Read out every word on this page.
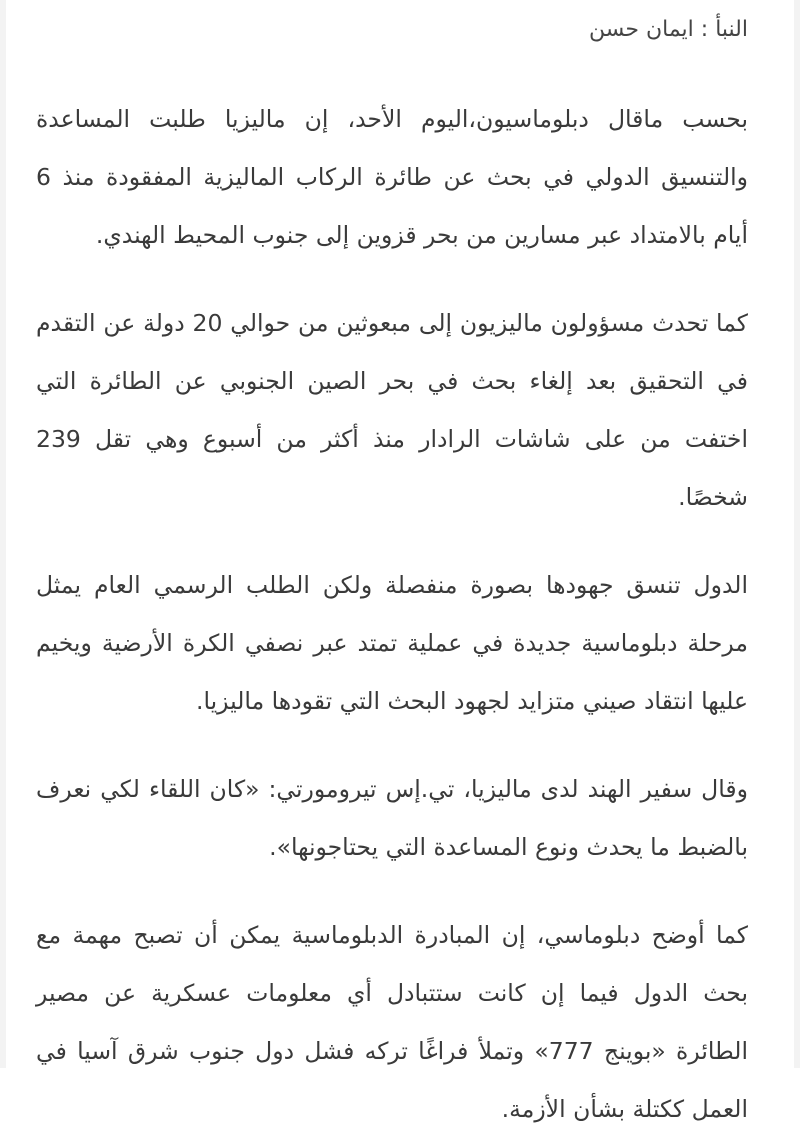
النبأ : ايمان حسن

بحسب ماقال دبلوماسيون،اليوم الأحد، إن ماليزيا طلبت المساعدة والتنسيق الدولي في بحث عن طائرة الركاب الماليزية المفقودة منذ 6 أيام بالامتداد عبر مسارين من بحر قزوين إلى جنوب المحيط الهندي.

كما تحدث مسؤولون ماليزيون إلى مبعوثين من حوالي 20 دولة عن التقدم في التحقيق بعد إلغاء بحث في بحر الصين الجنوبي عن الطائرة التي اختفت من على شاشات الرادار منذ أكثر من أسبوع وهي تقل 239 شخصًا.

الدول تنسق جهودها بصورة منفصلة ولكن الطلب الرسمي العام يمثل مرحلة دبلوماسية جديدة في عملية تمتد عبر نصفي الكرة الأرضية ويخيم عليها انتقاد صيني متزايد لجهود البحث التي تقودها ماليزيا.

وقال سفير الهند لدى ماليزيا، تي.إس تيرومورتي: «كان اللقاء لكي نعرف بالضبط ما يحدث ونوع المساعدة التي يحتاجونها».

كما أوضح دبلوماسي، إن المبادرة الدبلوماسية يمكن أن تصبح مهمة مع بحث الدول فيما إن كانت ستتبادل أي معلومات عسكرية عن مصير الطائرة «بوينج 777» وتملأ فراغًا تركه فشل دول جنوب شرق آسيا في العمل ككتلة بشأن الأزمة.
